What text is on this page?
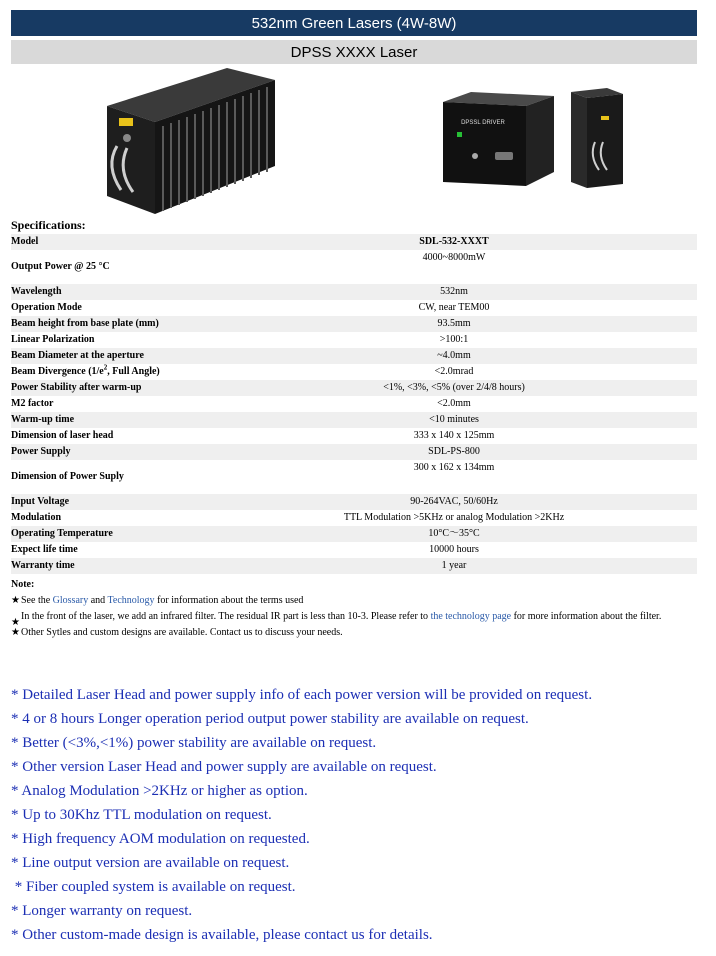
532nm Green Lasers (4W-8W)
DPSS XXXX Laser
DPSSL DRIVER
Specifications:
Model	SDL-532-XXXT
Output Power @ 25 °C	4000~8000mW
Wavelength	532nm
Operation Mode	CW, near TEM00
Beam height from base plate (mm)	93.5mm
Linear Polarization	>100:1
Beam Diameter at the aperture	~4.0mm
Beam Divergence ($1/e^2$, Full Angle)	<2.0mrad
Power Stability after warm-up	<1%, <3%, <5% (over 2/4/8 hours)
M2 factor	<2.0mm
Warm-up time	<10 minutes
Dimension of laser head	333 x 140 x 125mm
Power Supply	SDL-PS-800
Dimension of Power Suply	300 x 162 x 134mm
Input Voltage	90-264VAC, 50/60Hz
Modulation	TTL Modulation >5KHz or analog Modulation >2KHz
Operating Temperature	10°C～35°C
Expect life time	10000 hours
Warranty time	1 year
Note:
★ See the Glossary and Technology for information about the terms used
★
In the front of the laser, we add an infrared filter. The residual IR part is less than 10-3. Please refer to the technology page for more information about the filter.
★ Other Sytles and custom designs are available. Contact us to discuss your needs.
* Detailed Laser Head and power supply info of each power version will be provided on request.
* 4 or 8 hours Longer operation period output power stability are available on request.
* Better (<3%,<1%) power stability are available on request.
* Other version Laser Head and power supply are available on request.
* Analog Modulation >2KHz or higher as option.
* Up to 30Khz TTL modulation on request.
* High frequency AOM modulation on requested.
* Line output version are available on request.
* Fiber coupled system is available on request.
* Longer warranty on request.
* Other custom-made design is available, please contact us for details.
